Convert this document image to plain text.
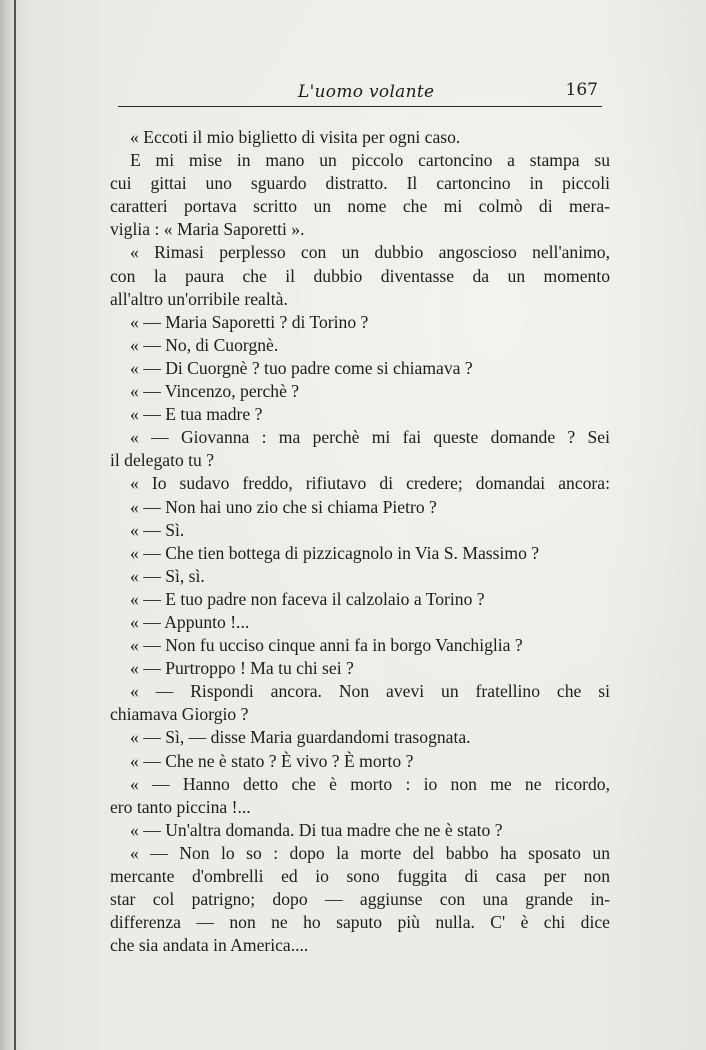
L'uomo volante	167
« Eccoti il mio biglietto di visita per ogni caso.
E mi mise in mano un piccolo cartoncino a stampa su
cui gittai uno sguardo distratto. Il cartoncino in piccoli
caratteri portava scritto un nome che mi colmò di mera-
viglia : « Maria Saporetti ».
« Rimasi perplesso con un dubbio angoscioso nell'animo,
con la paura che il dubbio diventasse da un momento
all'altro un'orribile realtà.
« — Maria Saporetti ? di Torino ?
« — No, di Cuorgnè.
« — Di Cuorgnè ? tuo padre come si chiamava ?
« — Vincenzo, perchè ?
« — E tua madre ?
« — Giovanna : ma perchè mi fai queste domande ? Sei
il delegato tu ?
« Io sudavo freddo, rifiutavo di credere; domandai ancora:
« — Non hai uno zio che si chiama Pietro ?
« — Sì.
« — Che tien bottega di pizzicagnolo in Via S. Massimo ?
« — Sì, sì.
« — E tuo padre non faceva il calzolaio a Torino ?
« — Appunto !...
« — Non fu ucciso cinque anni fa in borgo Vanchiglia ?
« — Purtroppo ! Ma tu chi sei ?
« — Rispondi ancora. Non avevi un fratellino che si
chiamava Giorgio ?
« — Sì, — disse Maria guardandomi trasognata.
« — Che ne è stato ? È vivo ? È morto ?
« — Hanno detto che è morto : io non me ne ricordo,
ero tanto piccina !...
« — Un'altra domanda. Di tua madre che ne è stato ?
« — Non lo so : dopo la morte del babbo ha sposato un
mercante d'ombrelli ed io sono fuggita di casa per non
star col patrigno; dopo — aggiunse con una grande in-
differenza — non ne ho saputo più nulla. C' è chi dice
che sia andata in America....
